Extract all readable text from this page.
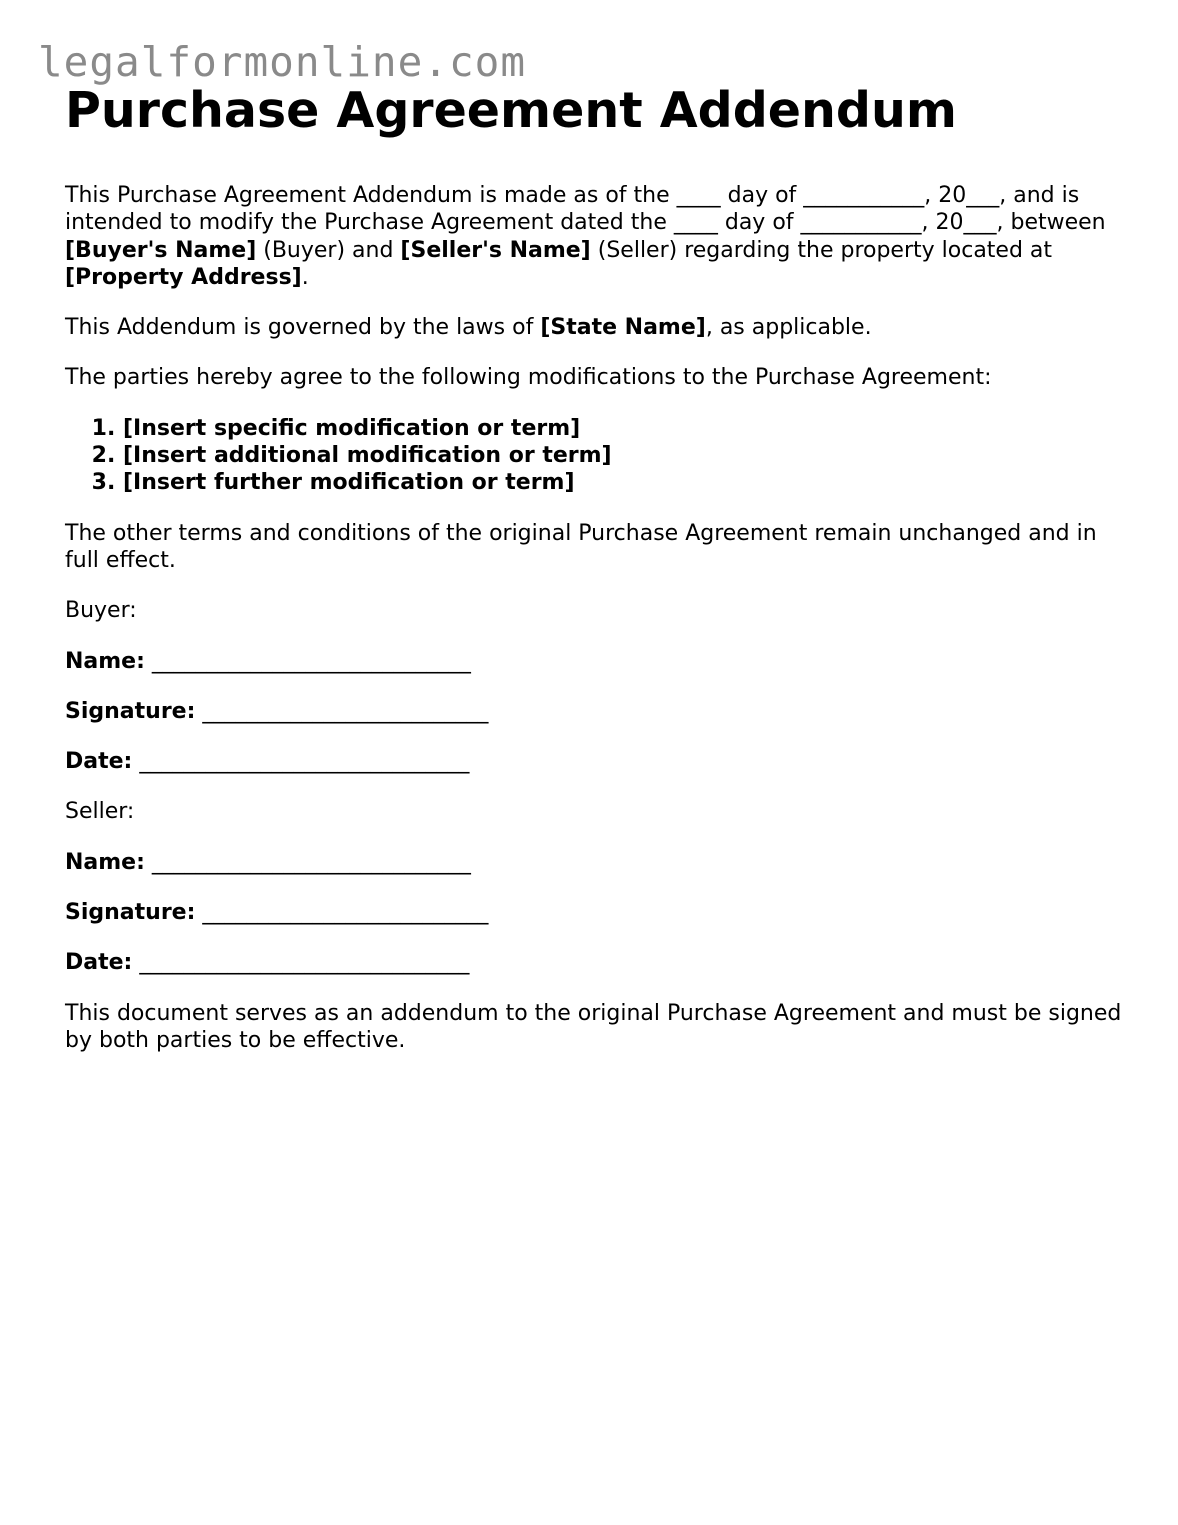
legalformonline.com
Purchase Agreement Addendum

This Purchase Agreement Addendum is made as of the ____ day of ___________, 20___, and is intended to modify the Purchase Agreement dated the ____ day of ___________, 20___, between [Buyer's Name] (Buyer) and [Seller's Name] (Seller) regarding the property located at [Property Address].

This Addendum is governed by the laws of [State Name], as applicable.

The parties hereby agree to the following modifications to the Purchase Agreement:

1. [Insert specific modification or term]
2. [Insert additional modification or term]
3. [Insert further modification or term]

The other terms and conditions of the original Purchase Agreement remain unchanged and in full effect.

Buyer:

Name: _____________________________

Signature: __________________________

Date: ______________________________

Seller:

Name: _____________________________

Signature: __________________________

Date: ______________________________

This document serves as an addendum to the original Purchase Agreement and must be signed by both parties to be effective.
